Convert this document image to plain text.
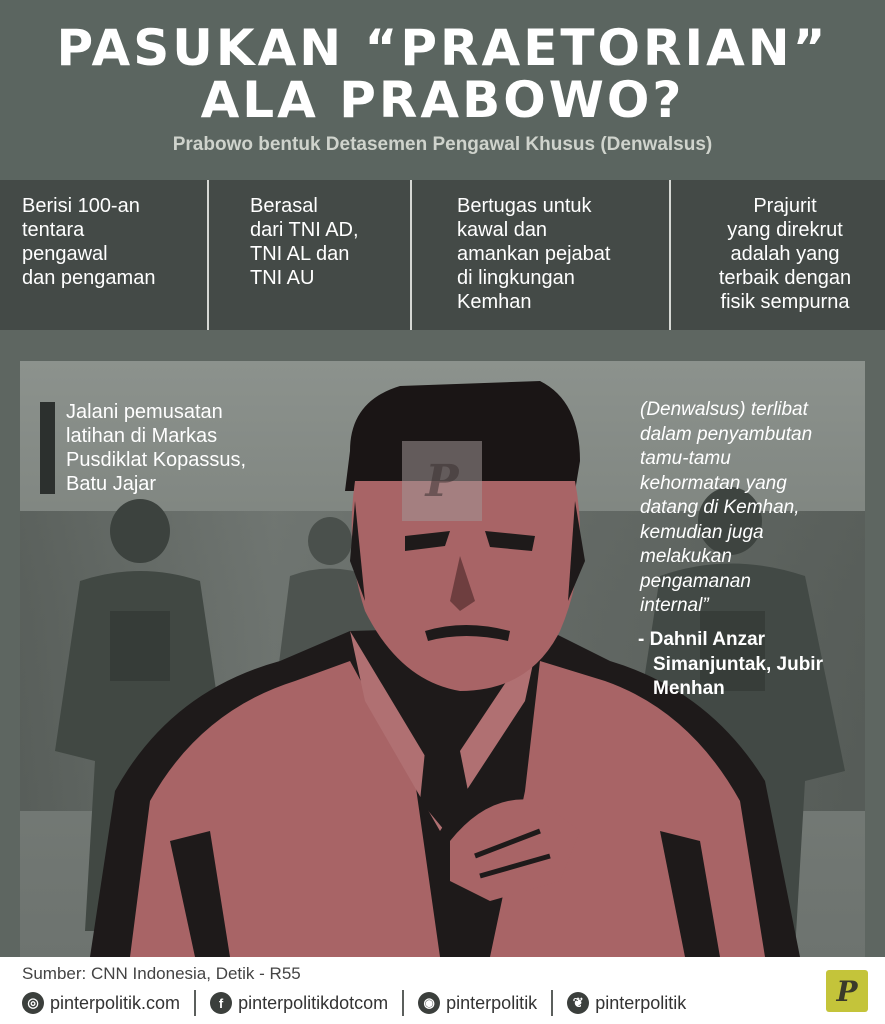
PASUKAN “PRAETORIAN”
ALA PRABOWO?
Prabowo bentuk Detasemen Pengawal Khusus (Denwalsus)
Berisi 100-an
tentara
pengawal
dan pengaman
Berasal
dari TNI AD,
TNI AL dan
TNI AU
Bertugas untuk
kawal dan
amankan pejabat
di lingkungan
Kemhan
Prajurit
yang direkrut
adalah yang
terbaik dengan
fisik sempurna
P
Jalani pemusatan
latihan di Markas
Pusdiklat Kopassus,
Batu Jajar
(Denwalsus) terlibat
dalam penyambutan
tamu-tamu
kehormatan yang
datang di Kemhan,
kemudian juga
melakukan
pengamanan
internal”
- Dahnil Anzar
Simanjuntak, Jubir
Menhan
Sumber: CNN Indonesia, Detik - R55
◎ pinterpolitik.com	f pinterpolitikdotcom	◉ pinterpolitik	❦ pinterpolitik	P
